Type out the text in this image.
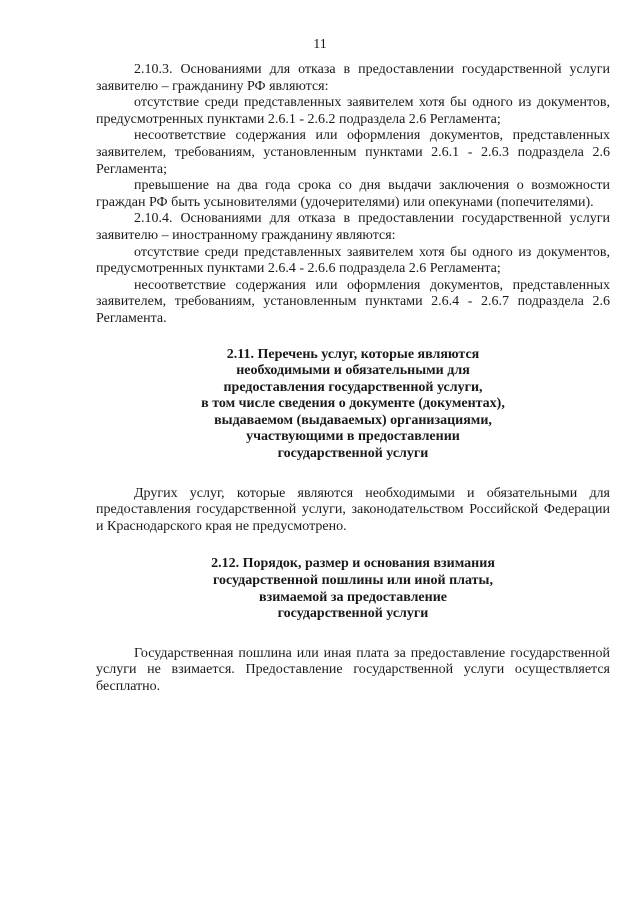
11

2.10.3. Основаниями для отказа в предоставлении государственной услуги заявителю – гражданину РФ являются:

отсутствие среди представленных заявителем хотя бы одного из документов, предусмотренных пунктами 2.6.1 - 2.6.2 подраздела 2.6 Регламента;

несоответствие содержания или оформления документов, представленных заявителем, требованиям, установленным пунктами 2.6.1 - 2.6.3 подраздела 2.6 Регламента;

превышение на два года срока со дня выдачи заключения о возможности граждан РФ быть усыновителями (удочерителями) или опекунами (попечителями).

2.10.4. Основаниями для отказа в предоставлении государственной услуги заявителю – иностранному гражданину являются:

отсутствие среди представленных заявителем хотя бы одного из документов, предусмотренных пунктами 2.6.4 - 2.6.6 подраздела 2.6 Регламента;

несоответствие содержания или оформления документов, представленных заявителем, требованиям, установленным пунктами 2.6.4 - 2.6.7 подраздела 2.6 Регламента.

2.11. Перечень услуг, которые являются
необходимыми и обязательными для
предоставления государственной услуги,
в том числе сведения о документе (документах),
выдаваемом (выдаваемых) организациями,
участвующими в предоставлении
государственной услуги

Других услуг, которые являются необходимыми и обязательными для предоставления государственной услуги, законодательством Российской Федерации и Краснодарского края не предусмотрено.

2.12. Порядок, размер и основания взимания
государственной пошлины или иной платы,
взимаемой за предоставление
государственной услуги

Государственная пошлина или иная плата за предоставление государственной услуги не взимается. Предоставление государственной услуги осуществляется бесплатно.
